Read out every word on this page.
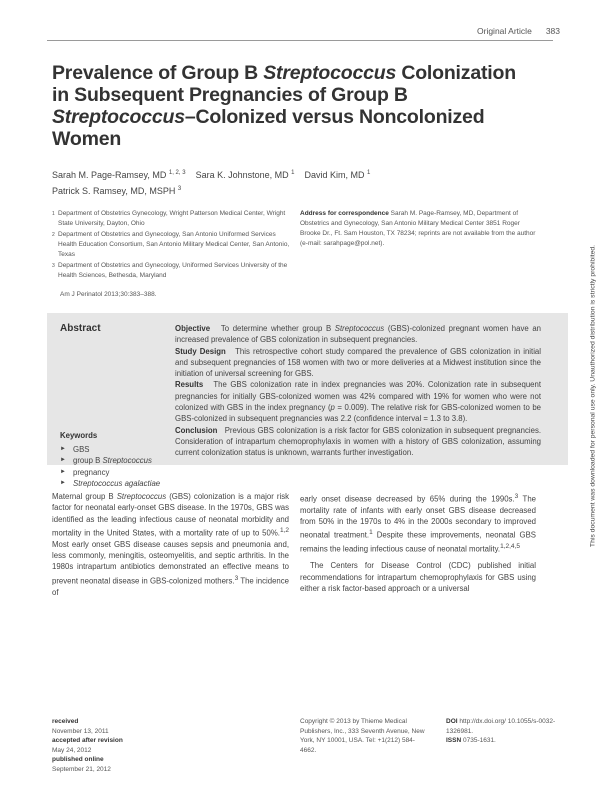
Original Article 383
Prevalence of Group B Streptococcus Colonization
in Subsequent Pregnancies of Group B
Streptococcus–Colonized versus Noncolonized
Women
Sarah M. Page-Ramsey, MD $^{1, 2, 3}$ Sara K. Johnstone, MD $^1$ David Kim, MD $^1$
Patrick S. Ramsey, MD, MSPH $^3$
1 Department of Obstetrics Gynecology, Wright Patterson Medical Center, Wright State University, Dayton, Ohio
2 Department of Obstetrics and Gynecology, San Antonio Uniformed Services Health Education Consortium, San Antonio Military Medical Center, San Antonio, Texas
3 Department of Obstetrics and Gynecology, Uniformed Services University of the Health Sciences, Bethesda, Maryland
Address for correspondence Sarah M. Page-Ramsey, MD, Department of Obstetrics and Gynecology, San Antonio Military Medical Center 3851 Roger Brooke Dr., Ft. Sam Houston, TX 78234; reprints are not available from the author (e-mail: sarahpage@pol.net).
Am J Perinatol 2013;30:383–388.
Abstract	Objective To determine whether group B Streptococcus (GBS)-colonized pregnant women have an increased prevalence of GBS colonization in subsequent pregnancies.
Study Design This retrospective cohort study compared the prevalence of GBS colonization in initial and subsequent pregnancies of 158 women with two or more deliveries at a Midwest institution since the initiation of universal screening for GBS.
Results The GBS colonization rate in index pregnancies was 20%. Colonization rate in subsequent pregnancies for initially GBS-colonized women was 42% compared with 19% for women who were not colonized with GBS in the index pregnancy (p = 0.009). The relative risk for GBS-colonized women to be GBS-colonized in subsequent pregnancies was 2.2 (confidence interval = 1.3 to 3.8).
Conclusion Previous GBS colonization is a risk factor for GBS colonization in subsequent pregnancies. Consideration of intrapartum chemoprophylaxis in women with a history of GBS colonization, assuming current colonization status is unknown, warrants further investigation.
Keywords
► GBS
► group B Streptococcus
► pregnancy
► Streptococcus agalactiae
Maternal group B Streptococcus (GBS) colonization is a major risk factor for neonatal early-onset GBS disease. In the 1970s, GBS was identified as the leading infectious cause of neonatal morbidity and mortality in the United States, with a mortality rate of up to 50%.$^{1,2}$ Most early onset GBS disease causes sepsis and pneumonia and, less commonly, meningitis, osteomyelitis, and septic arthritis. In the 1980s intrapartum antibiotics demonstrated an effective means to prevent neonatal disease in GBS-colonized mothers.$^3$ The incidence of

early onset disease decreased by 65% during the 1990s.$^3$ The mortality rate of infants with early onset GBS disease decreased from 50% in the 1970s to 4% in the 2000s secondary to improved neonatal treatment.$^1$ Despite these improvements, neonatal GBS remains the leading infectious cause of neonatal mortality.$^{1,2,4,5}$

The Centers for Disease Control (CDC) published initial recommendations for intrapartum chemoprophylaxis for GBS using either a risk factor-based approach or a universal

received
November 13, 2011
accepted after revision
May 24, 2012
published online
September 21, 2012
Copyright © 2013 by Thieme Medical Publishers, Inc., 333 Seventh Avenue, New York, NY 10001, USA. Tel: +1(212) 584-4662.
DOI http://dx.doi.org/ 10.1055/s-0032-1326981.
ISSN 0735-1631.
This document was downloaded for personal use only. Unauthorized distribution is strictly prohibited.
